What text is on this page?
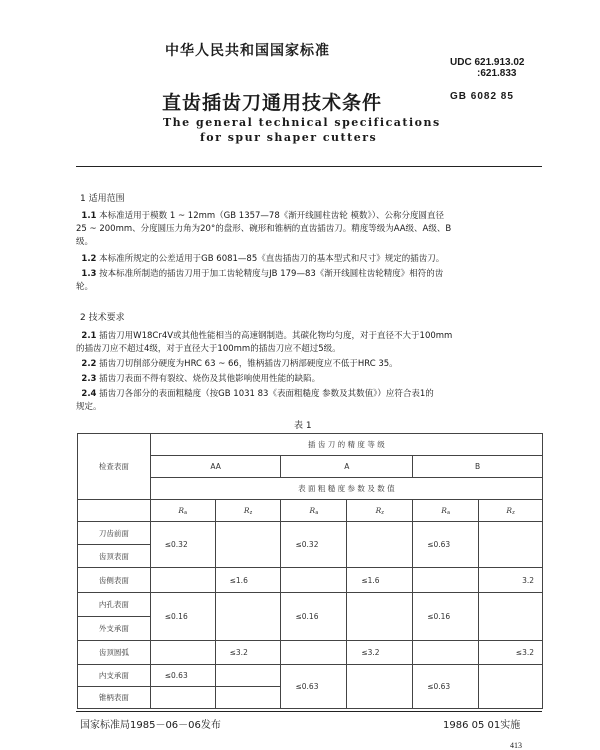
中华人民共和国国家标准
UDC 621.913.02
:621.833
直齿插齿刀通用技术条件	GB 6082 85
The general technical specifications
for spur shaper cutters
1 适用范围
1.1 本标准适用于模数 1 ~ 12mm（GB 1357—78《渐开线圆柱齿轮 模数》）、公称分度圆直径
25 ~ 200mm、分度圆压力角为20°的盘形、碗形和锥柄的直齿插齿刀。精度等级为AA级、A级、B
级。
1.2 本标准所规定的公差适用于GB 6081—85《直齿插齿刀的基本型式和尺寸》规定的插齿刀。
1.3 按本标准所制造的插齿刀用于加工齿轮精度与JB 179—83《渐开线圆柱齿轮精度》相符的齿
轮。
2 技术要求
2.1 插齿刀用W18Cr4V或其他性能相当的高速钢制造。其碳化物均匀度，对于直径不大于100mm
的插齿刀应不超过4级，对于直径大于100mm的插齿刀应不超过5级。
2.2 插齿刀切削部分硬度为HRC 63 ~ 66，锥柄插齿刀柄部硬度应不低于HRC 35。
2.3 插齿刀表面不得有裂纹、烧伤及其他影响使用性能的缺陷。
2.4 插齿刀各部分的表面粗糙度（按GB 1031 83《表面粗糙度 参数及其数值》）应符合表1的
规定。
表 1
检查表面	插 齿 刀 的 精 度 等 级					
	AA		A		B	
	表 面 粗 糙 度 参 数 及 数 值					
	$R_a$	$R_z$	$R_a$	$R_z$	$R_a$	$R_z$
刀齿前面	≤0.32		≤0.32		≤0.63	
齿顶表面						
齿侧表面		≤1.6		≤1.6		3.2
内孔表面	≤0.16		≤0.16		≤0.16	
外支承面						
齿顶圆弧		≤3.2		≤3.2		≤3.2
内支承面	≤0.63		≤0.63		≤0.63	
锥柄表面						
国家标准局1985－06－06发布	1986 05 01实施
413
